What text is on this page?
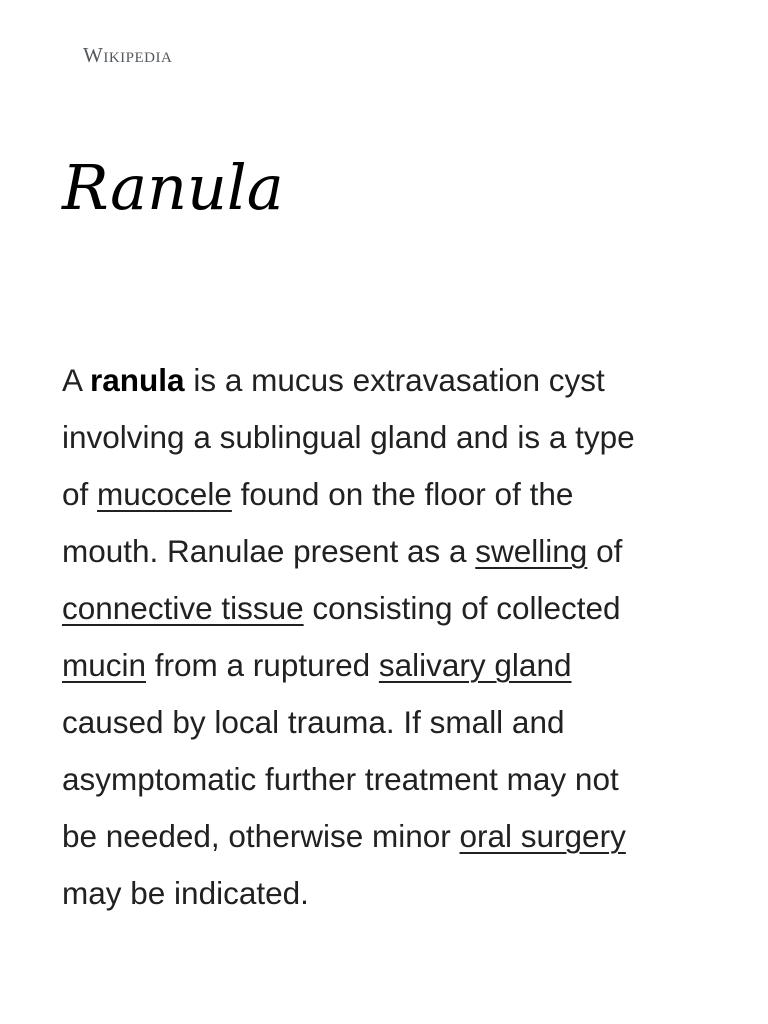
Wikipedia
Ranula

A ranula is a mucus extravasation cyst
involving a sublingual gland and is a type
of mucocele found on the floor of the
mouth. Ranulae present as a swelling of
connective tissue consisting of collected
mucin from a ruptured salivary gland
caused by local trauma. If small and
asymptomatic further treatment may not
be needed, otherwise minor oral surgery
may be indicated.
